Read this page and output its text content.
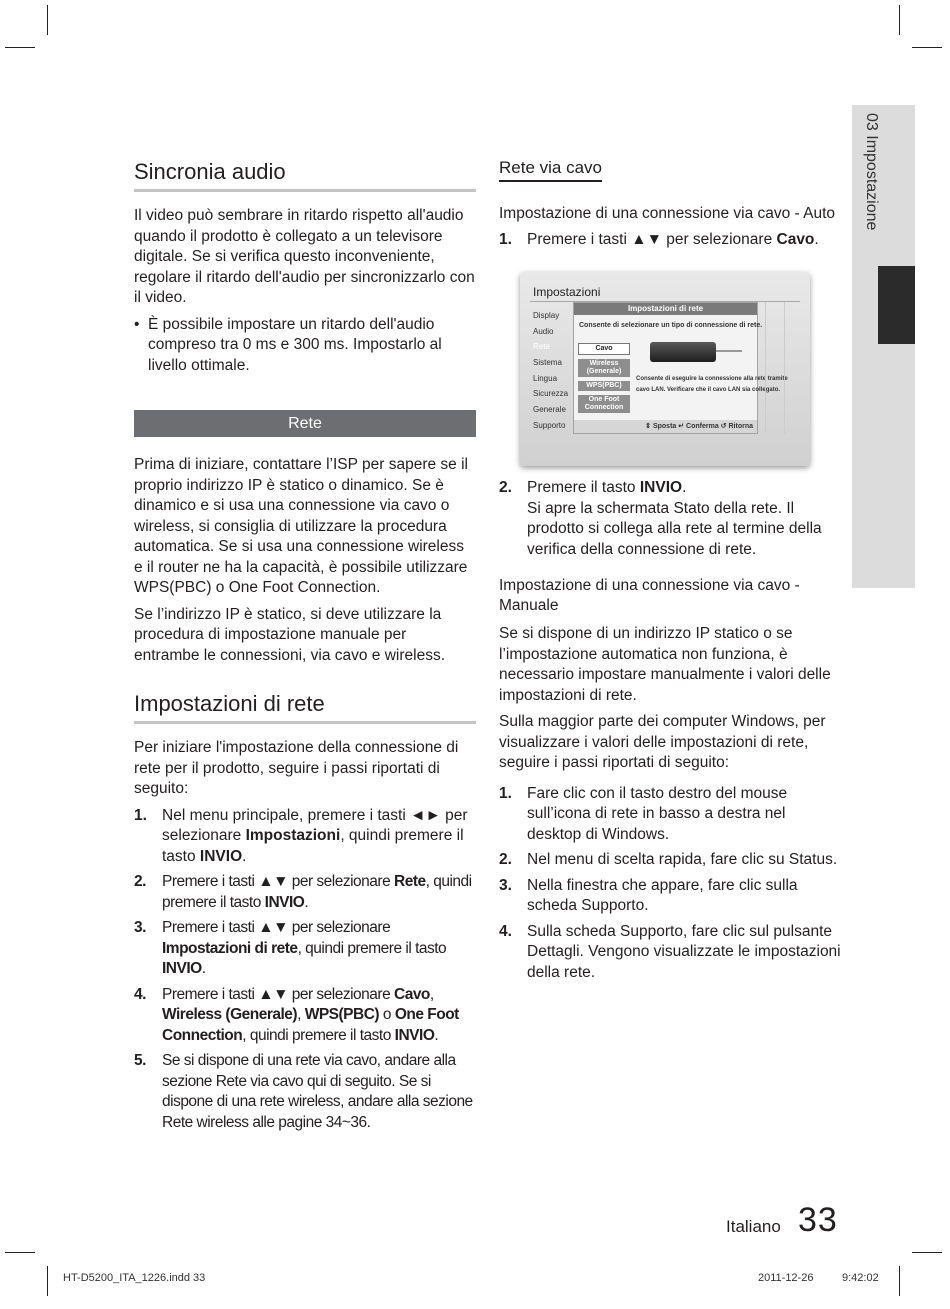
Sincronia audio

Il video può sembrare in ritardo rispetto all'audio quando il prodotto è collegato a un televisore digitale. Se si verifica questo inconveniente, regolare il ritardo dell'audio per sincronizzarlo con il video.

• È possibile impostare un ritardo dell'audio compreso tra 0 ms e 300 ms. Impostarlo al livello ottimale.
Rete

Prima di iniziare, contattare l’ISP per sapere se il proprio indirizzo IP è statico o dinamico. Se è dinamico e si usa una connessione via cavo o wireless, si consiglia di utilizzare la procedura automatica. Se si usa una connessione wireless e il router ne ha la capacità, è possibile utilizzare WPS(PBC) o One Foot Connection.

Se l’indirizzo IP è statico, si deve utilizzare la procedura di impostazione manuale per entrambe le connessioni, via cavo e wireless.

Impostazioni di rete

Per iniziare l'impostazione della connessione di rete per il prodotto, seguire i passi riportati di seguito:

1. Nel menu principale, premere i tasti ◄► per selezionare Impostazioni, quindi premere il tasto INVIO.
2.	Premere i tasti ▲▼ per selezionare Rete, quindi premere il tasto INVIO.
3.	Premere i tasti ▲▼ per selezionare Impostazioni di rete, quindi premere il tasto INVIO.
4.	Premere i tasti ▲▼ per selezionare Cavo, Wireless (Generale), WPS(PBC) o One Foot Connection, quindi premere il tasto INVIO.
5.	Se si dispone di una rete via cavo, andare alla sezione Rete via cavo qui di seguito. Se si dispone di una rete wireless, andare alla sezione Rete wireless alle pagine 34~36.
Rete via cavo
Impostazione di una connessione via cavo - Auto
1. Premere i tasti ▲▼ per selezionare Cavo.
2. Premere il tasto INVIO.
Si apre la schermata Stato della rete. Il prodotto si collega alla rete al termine della verifica della connessione di rete.
Impostazione di una connessione via cavo - Manuale

Se si dispone di un indirizzo IP statico o se l’impostazione automatica non funziona, è necessario impostare manualmente i valori delle impostazioni di rete.

Sulla maggior parte dei computer Windows, per visualizzare i valori delle impostazioni di rete, seguire i passi riportati di seguito:

1. Fare clic con il tasto destro del mouse sull’icona di rete in basso a destra nel desktop di Windows.
2. Nel menu di scelta rapida, fare clic su Status.
3. Nella finestra che appare, fare clic sulla scheda Supporto.
4. Sulla scheda Supporto, fare clic sul pulsante Dettagli. Vengono visualizzate le impostazioni della rete.
Impostazioni
Display
Audio
Rete
Sistema
Lingua
Sicurezza
Generale
Supporto
Impostazioni di rete
Consente di selezionare un tipo di connessione di rete.
Cavo
Wireless (Generale)
WPS(PBC)
One Foot Connection
Consente di eseguire la connessione alla rete tramite
cavo LAN. Verificare che il cavo LAN sia collegato.
⇕ Sposta ↵ Conferma ↺ Ritorna
03 Impostazione
Italiano 33
HT-D5200_ITA_1226.indd 33	2011-12-26	9:42:02
